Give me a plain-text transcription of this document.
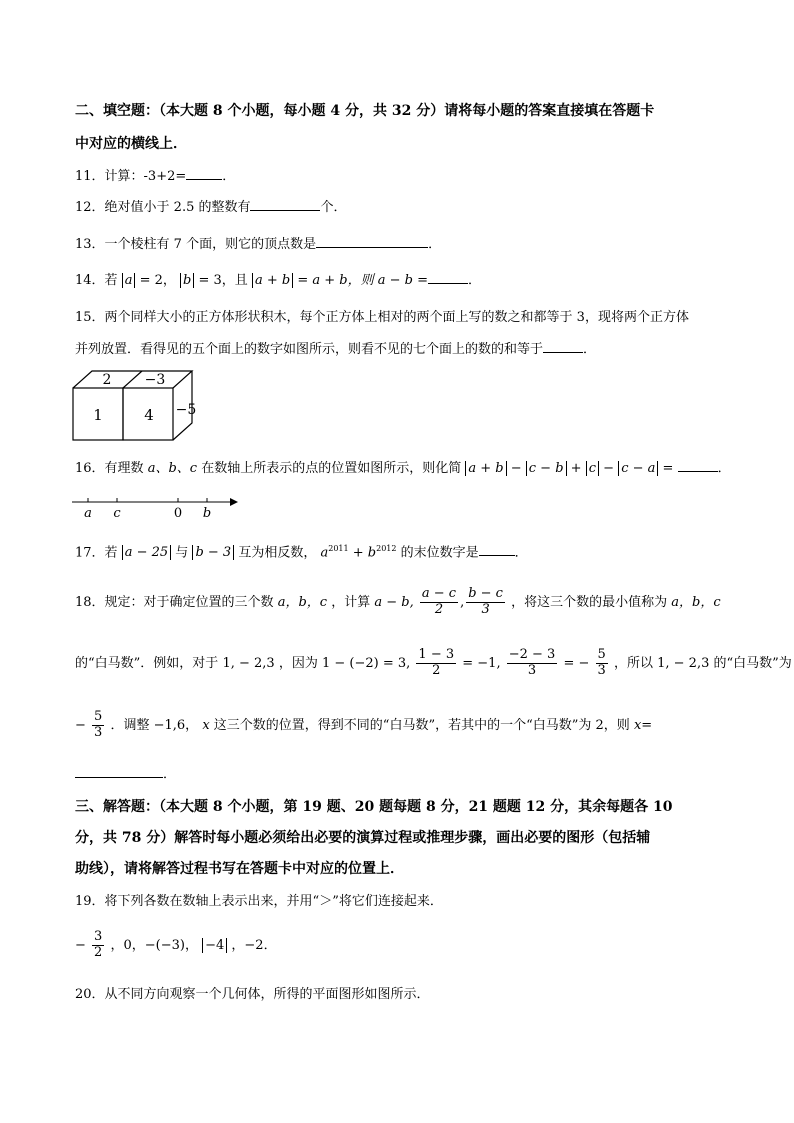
二、填空题：（本大题 8 个小题，每小题 4 分，共 32 分）请将每小题的答案直接填在答题卡
中对应的横线上．
11．计算：-3+2=	．
12．绝对值小于 2.5 的整数有	个．
13．一个棱柱有 7 个面，则它的顶点数是	．
14．若 a = 2， b = 3，且 a + b = a + b，则 a − b =	．
15．两个同样大小的正方体形状积木，每个正方体上相对的两个面上写的数之和都等于 3，现将两个正方体
并列放置．看得见的五个面上的数字如图所示，则看不见的七个面上的数的和等于	．
2 −3
1	4 −5
16．有理数 a、b、c 在数轴上所表示的点的位置如图所示，则化简 a + b − c − b + c − c − a =	．
a c	0 b
17．若 a − 25 与 b − 3 互为相反数， $a^{2011} + b^{2012}$ 的末位数字是	．
18．规定：对于确定位置的三个数 a，b，c ，计算 a − b, $\frac{a - c}{2}$ , $\frac{b - c}{3}$ ，将这三个数的最小值称为 a，b，c
的“白马数”．例如，对于 1, − 2,3 ，因为 1 − (−2) = 3, $\frac{1 - 3}{2} = -1$, $\frac{-2 - 3}{3}$ = − $\frac{5}{3}$ ，所以 1, − 2,3 的“白马数”为
− $\frac{5}{3}$ ．调整 −1,6， x 这三个数的位置，得到不同的“白马数”，若其中的一个“白马数”为 2，则 x=
．
三、解答题：（本大题 8 个小题，第 19 题、20 题每题 8 分，21 题题 12 分，其余每题各 10
分，共 78 分）解答时每小题必须给出必要的演算过程或推理步骤，画出必要的图形（包括辅
助线），请将解答过程书写在答题卡中对应的位置上．
19．将下列各数在数轴上表示出来，并用“＞”将它们连接起来．
− $\frac{3}{2}$ ，0，−(−3)， −4 ，−2．
20．从不同方向观察一个几何体，所得的平面图形如图所示．
